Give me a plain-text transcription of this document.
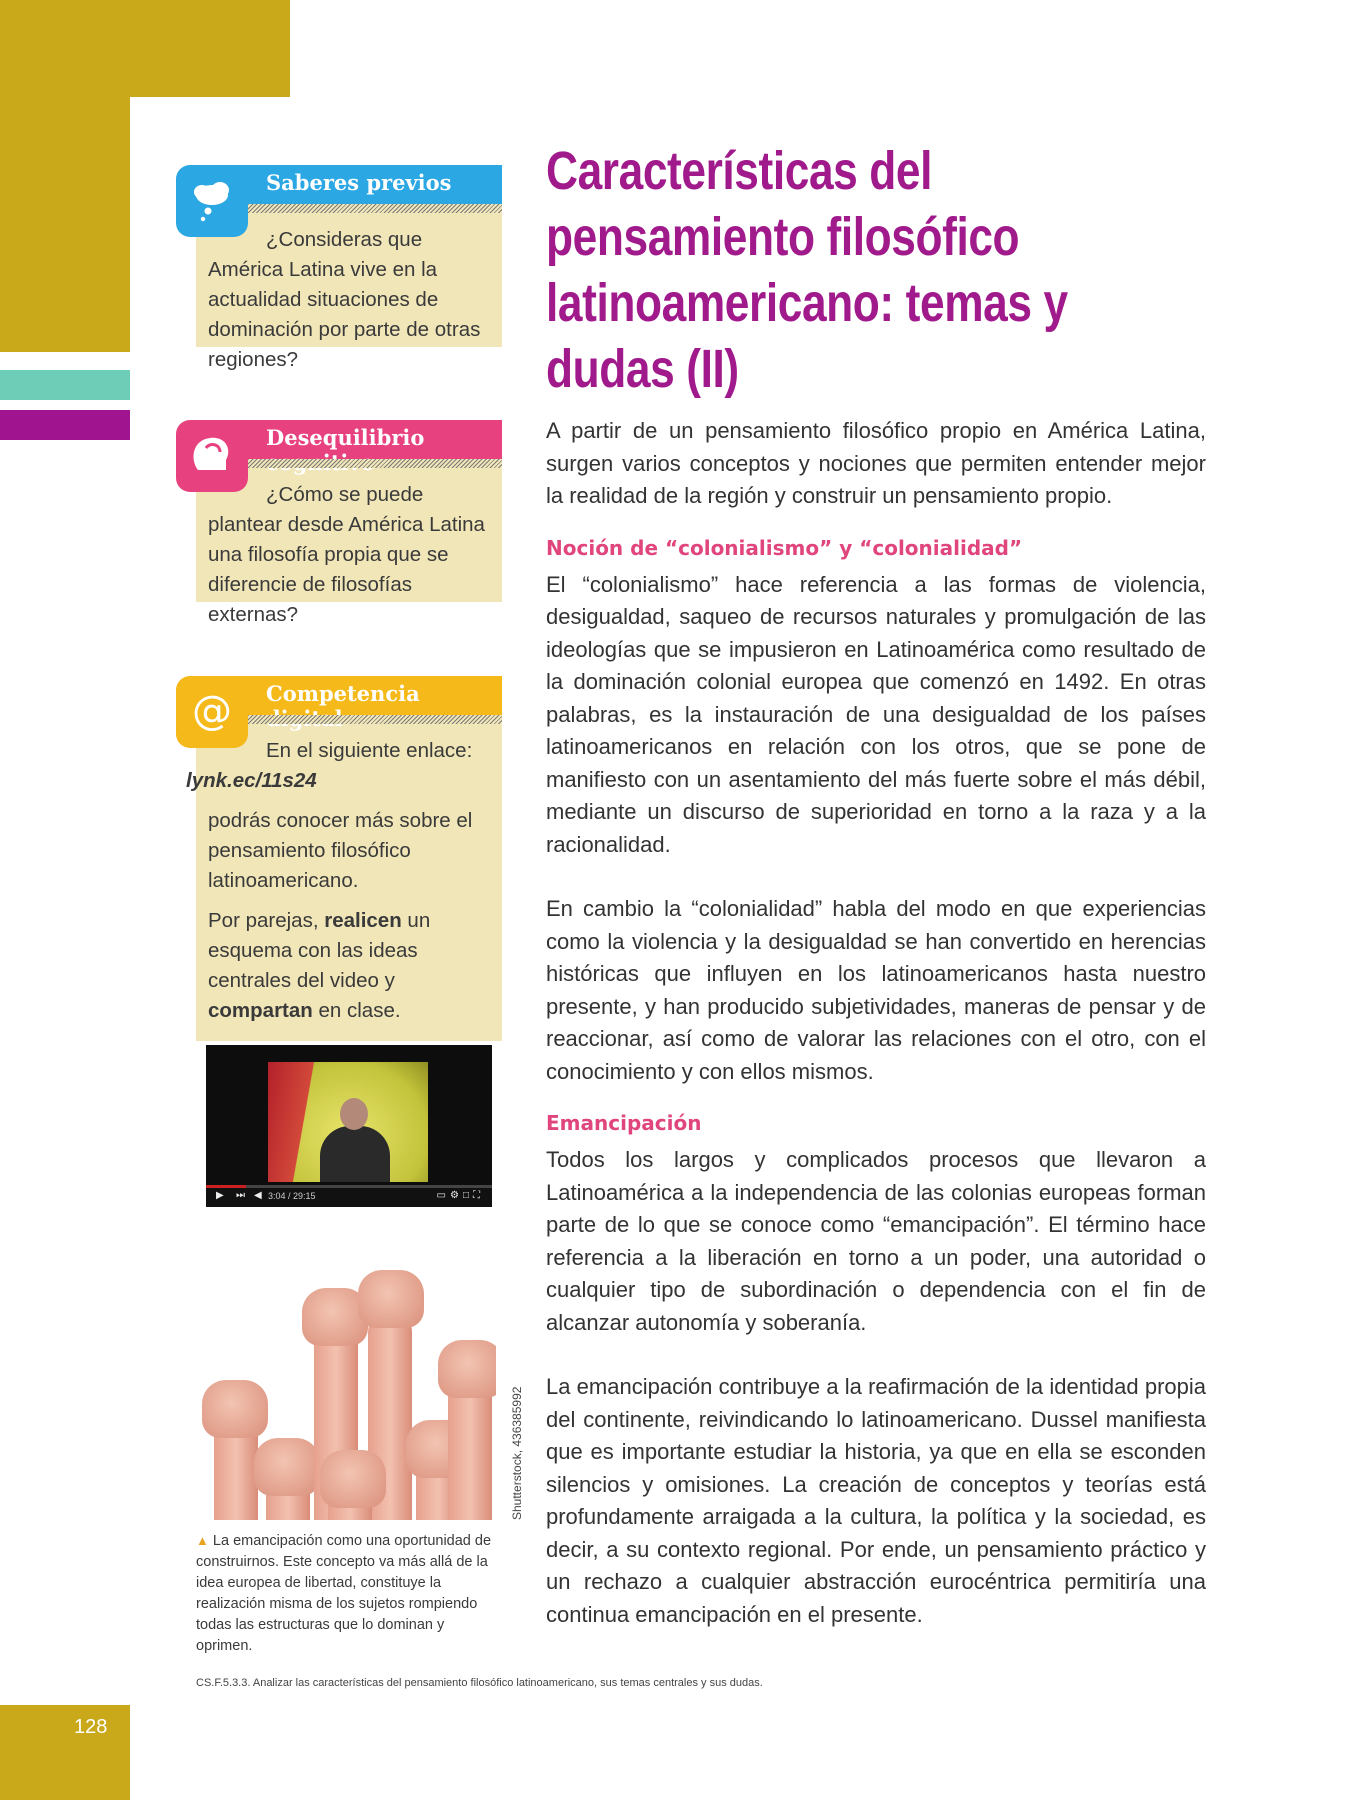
128
Saberes previos
¿Consideras que América Latina vive en la actualidad situaciones de dominación por parte de otras regiones?
Desequilibrio
¿Cómo se puede plantear desde América Latina una filosofía propia que se diferencie de filosofías externas?
@ Competencia
En el siguiente enlace:
lynk.ec/11s24

podrás conocer más sobre el pensamiento filosófico latinoamericano.

Por parejas, realicen un esquema con las ideas centrales del video y compartan en clase.

▶ ⏭ ◀ 3:04 / 29:15	▭⚙□⛶
Shutterstock, 436385992
▲ La emancipación como una oportunidad de construirnos. Este concepto va más allá de la idea europea de libertad, constituye la realización misma de los sujetos rompiendo todas las estructuras que lo dominan y oprimen.
Características del pensamiento filosófico latinoamericano: temas y dudas (II)

A partir de un pensamiento filosófico propio en América Latina, surgen varios conceptos y nociones que permiten entender mejor la realidad de la región y construir un pensamiento propio.

Noción de “colonialismo” y “colonialidad”

El “colonialismo” hace referencia a las formas de violencia, desigualdad, saqueo de recursos naturales y promulgación de las ideologías que se impusieron en Latinoamérica como resultado de la dominación colonial europea que comenzó en 1492. En otras palabras, es la instauración de una desigualdad de los países latinoamericanos en relación con los otros, que se pone de manifiesto con un asentamiento del más fuerte sobre el más débil, mediante un discurso de superioridad en torno a la raza y a la racionalidad.

En cambio la “colonialidad” habla del modo en que experiencias como la violencia y la desigualdad se han convertido en herencias históricas que influyen en los latinoamericanos hasta nuestro presente, y han producido subjetividades, maneras de pensar y de reaccionar, así como de valorar las relaciones con el otro, con el conocimiento y con ellos mismos.

Emancipación

Todos los largos y complicados procesos que llevaron a Latinoamérica a la independencia de las colonias europeas forman parte de lo que se conoce como “emancipación”. El término hace referencia a la liberación en torno a un poder, una autoridad o cualquier tipo de subordinación o dependencia con el fin de alcanzar autonomía y soberanía.

La emancipación contribuye a la reafirmación de la identidad propia del continente, reivindicando lo latinoamericano. Dussel manifiesta que es importante estudiar la historia, ya que en ella se esconden silencios y omisiones. La creación de conceptos y teorías está profundamente arraigada a la cultura, la política y la sociedad, es decir, a su contexto regional. Por ende, un pensamiento práctico y un rechazo a cualquier abstracción eurocéntrica permitiría una continua emancipación en el presente.

CS.F.5.3.3. Analizar las características del pensamiento filosófico latinoamericano, sus temas centrales y sus dudas.
